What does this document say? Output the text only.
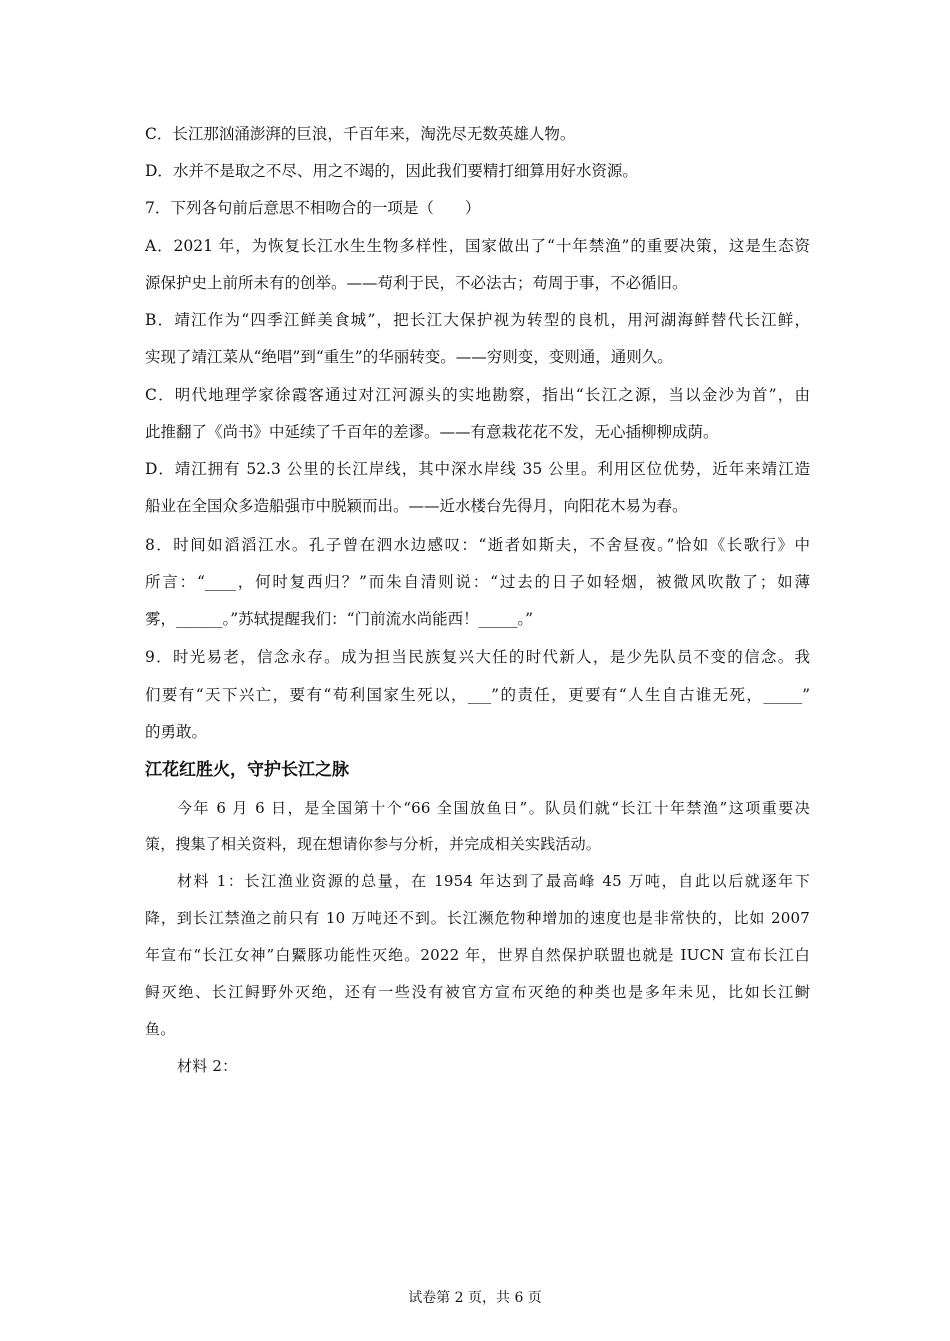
C．长江那汹涌澎湃的巨浪，千百年来，淘洗尽无数英雄人物。
D．水并不是取之不尽、用之不竭的，因此我们要精打细算用好水资源。
7．下列各句前后意思不相吻合的一项是（　　）
A．2021 年，为恢复长江水生生物多样性，国家做出了“十年禁渔”的重要决策，这是生态资
源保护史上前所未有的创举。——苟利于民，不必法古；苟周于事，不必循旧。
B．靖江作为“四季江鲜美食城”，把长江大保护视为转型的良机，用河湖海鲜替代长江鲜，
实现了靖江菜从“绝唱”到“重生”的华丽转变。——穷则变，变则通，通则久。
C．明代地理学家徐霞客通过对江河源头的实地勘察，指出“长江之源，当以金沙为首”，由
此推翻了《尚书》中延续了千百年的差谬。——有意栽花花不发，无心插柳柳成荫。
D．靖江拥有 52.3 公里的长江岸线，其中深水岸线 35 公里。利用区位优势，近年来靖江造
船业在全国众多造船强市中脱颖而出。——近水楼台先得月，向阳花木易为春。
8．时间如滔滔江水。孔子曾在泗水边感叹：“逝者如斯夫，不舍昼夜。”恰如《长歌行》中
所言：“____，何时复西归？”而朱自清则说：“过去的日子如轻烟，被微风吹散了；如薄
雾，______。”苏轼提醒我们：“门前流水尚能西！_____。”
9．时光易老，信念永存。成为担当民族复兴大任的时代新人，是少先队员不变的信念。我
们要有“天下兴亡，要有“苟利国家生死以，___”的责任，更要有“人生自古谁无死，_____”
的勇敢。
江花红胜火，守护长江之脉
今年 6 月 6 日，是全国第十个“66 全国放鱼日”。队员们就“长江十年禁渔”这项重要决
策，搜集了相关资料，现在想请你参与分析，并完成相关实践活动。
材料 1：长江渔业资源的总量，在 1954 年达到了最高峰 45 万吨，自此以后就逐年下
降，到长江禁渔之前只有 10 万吨还不到。长江濒危物种增加的速度也是非常快的，比如 2007
年宣布“长江女神”白鱀豚功能性灭绝。2022 年，世界自然保护联盟也就是 IUCN 宣布长江白
鲟灭绝、长江鲟野外灭绝，还有一些没有被官方宣布灭绝的种类也是多年未见，比如长江鲥
鱼。
材料 2：
试卷第 2 页，共 6 页
